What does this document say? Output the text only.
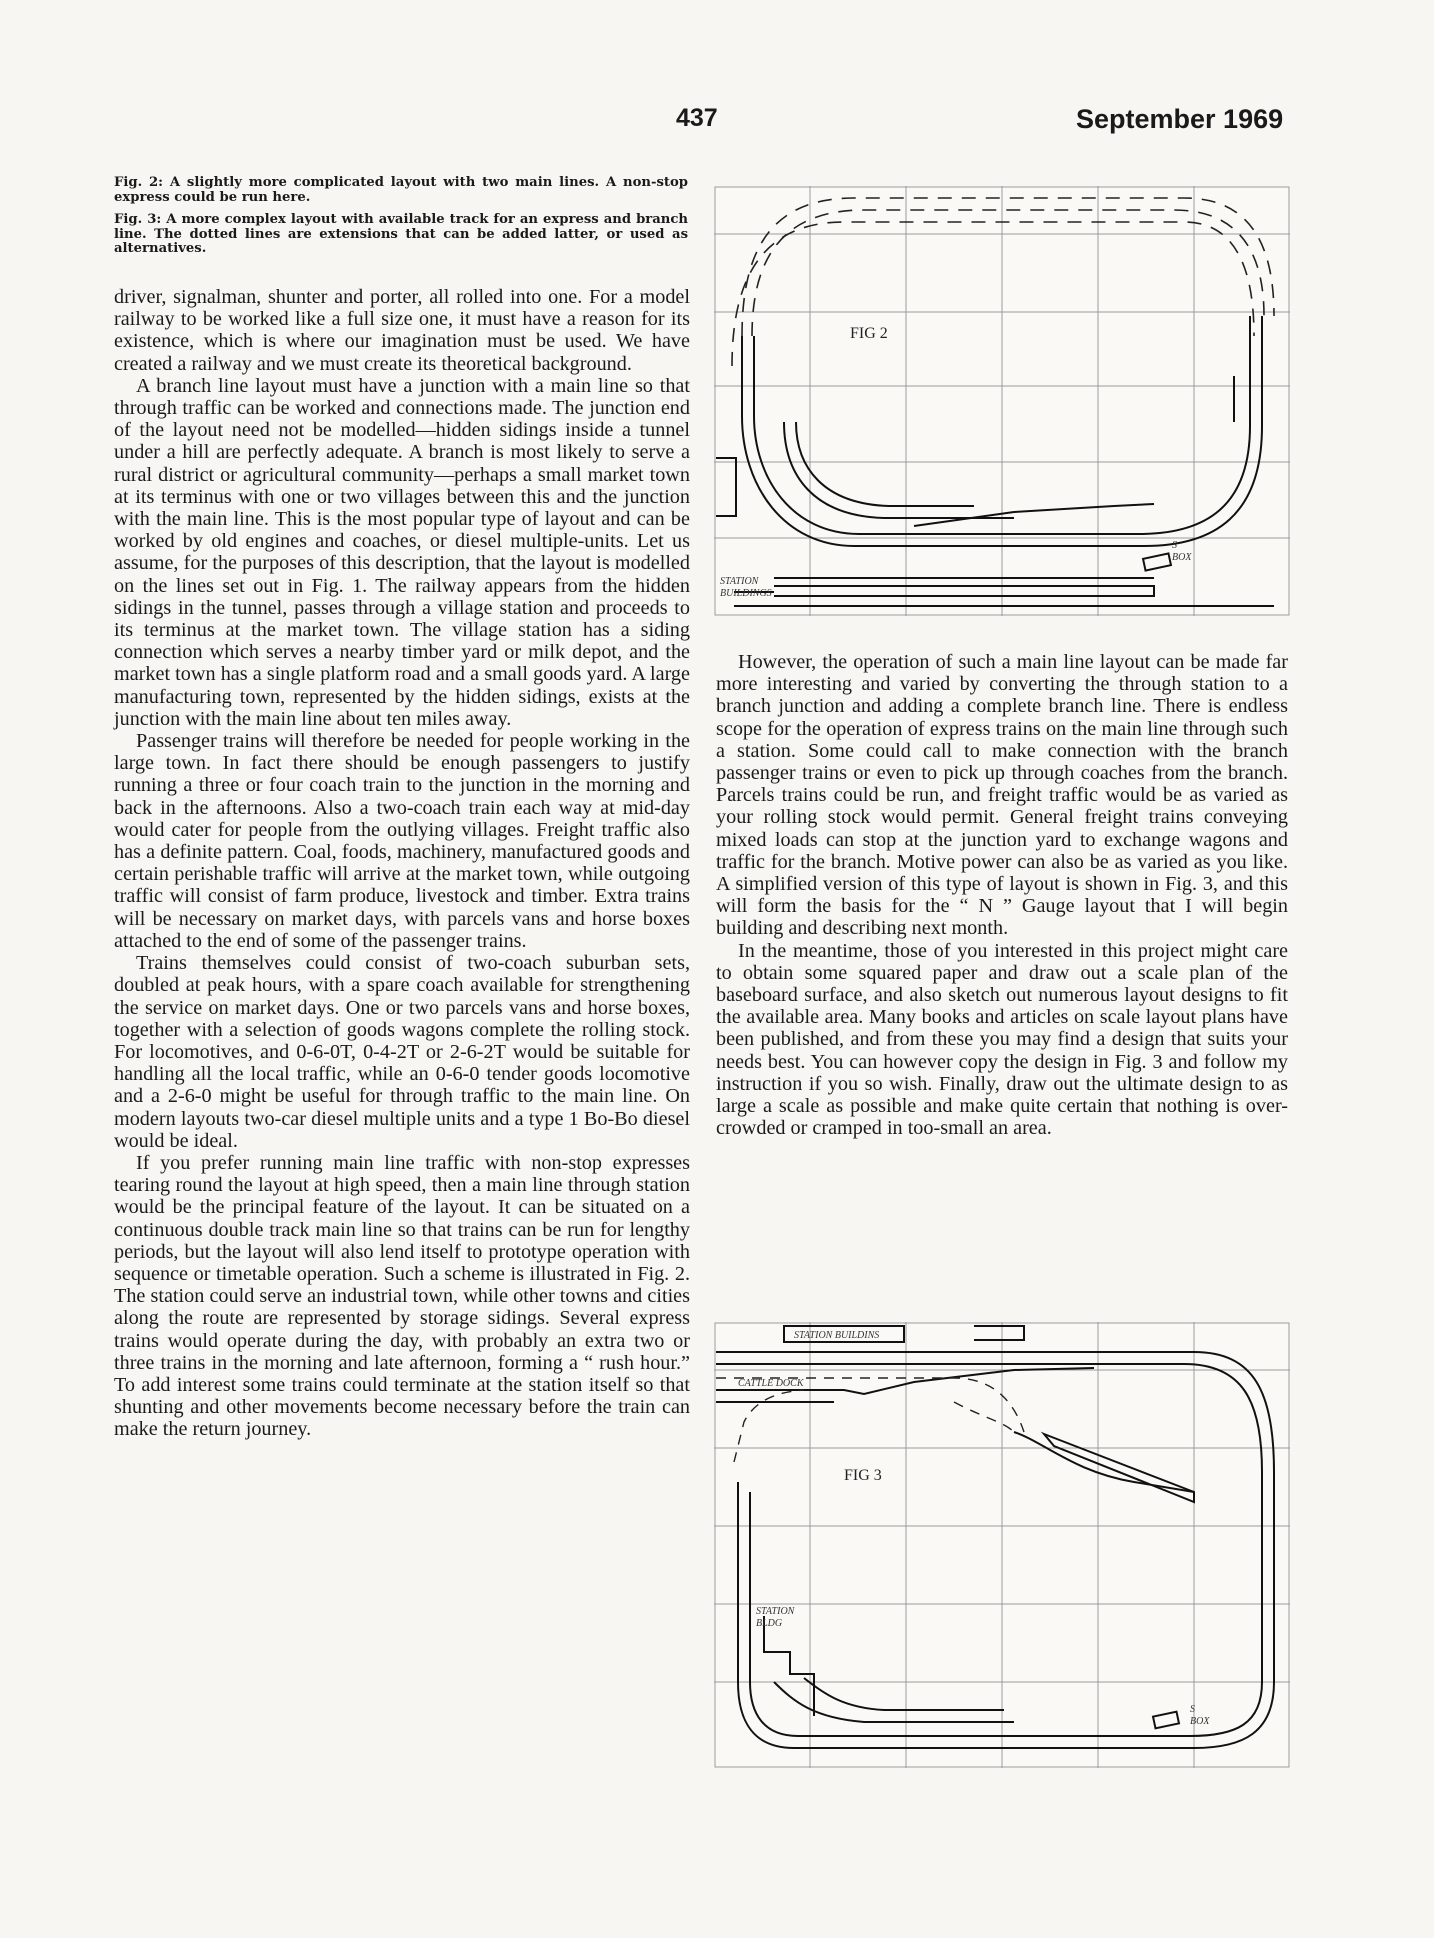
437	September 1969

Fig. 2: A slightly more complicated layout with two main lines. A non-stop express could be run here.

Fig. 3: A more complex layout with available track for an express and branch line. The dotted lines are extensions that can be added latter, or used as alternatives.

driver, signalman, shunter and porter, all rolled into one. For a model railway to be worked like a full size one, it must have a reason for its existence, which is where our imagination must be used. We have created a railway and we must create its theoretical background.

A branch line layout must have a junction with a main line so that through traffic can be worked and connections made. The junction end of the layout need not be modelled—hidden sidings inside a tunnel under a hill are perfectly adequate. A branch is most likely to serve a rural district or agricultural community—perhaps a small market town at its terminus with one or two villages between this and the junction with the main line. This is the most popular type of layout and can be worked by old engines and coaches, or diesel multiple-units. Let us assume, for the purposes of this description, that the layout is modelled on the lines set out in Fig. 1. The railway appears from the hidden sidings in the tunnel, passes through a village station and proceeds to its terminus at the market town. The village station has a siding connection which serves a nearby timber yard or milk depot, and the market town has a single platform road and a small goods yard. A large manufacturing town, represented by the hidden sidings, exists at the junction with the main line about ten miles away.

Passenger trains will therefore be needed for people working in the large town. In fact there should be enough passengers to justify running a three or four coach train to the junction in the morning and back in the afternoons. Also a two-coach train each way at mid-day would cater for people from the outlying villages. Freight traffic also has a definite pattern. Coal, foods, machinery, manufactured goods and certain perishable traffic will arrive at the market town, while outgoing traffic will consist of farm produce, livestock and timber. Extra trains will be necessary on market days, with parcels vans and horse boxes attached to the end of some of the passenger trains.

Trains themselves could consist of two-coach suburban sets, doubled at peak hours, with a spare coach available for strengthening the service on market days. One or two parcels vans and horse boxes, together with a selection of goods wagons complete the rolling stock. For locomotives, and 0-6-0T, 0-4-2T or 2-6-2T would be suitable for handling all the local traffic, while an 0-6-0 tender goods locomotive and a 2-6-0 might be useful for through traffic to the main line. On modern layouts two-car diesel multiple units and a type 1 Bo-Bo diesel would be ideal.

If you prefer running main line traffic with non-stop expresses tearing round the layout at high speed, then a main line through station would be the principal feature of the layout. It can be situated on a continuous double track main line so that trains can be run for lengthy periods, but the layout will also lend itself to prototype operation with sequence or timetable operation. Such a scheme is illustrated in Fig. 2. The station could serve an industrial town, while other towns and cities along the route are represented by storage sidings. Several express trains would operate during the day, with probably an extra two or three trains in the morning and late afternoon, forming a “ rush hour.” To add interest some trains could terminate at the station itself so that shunting and other movements become necessary before the train can make the return journey.

However, the operation of such a main line layout can be made far more interesting and varied by converting the through station to a branch junction and adding a complete branch line. There is endless scope for the operation of express trains on the main line through such a station. Some could call to make connection with the branch passenger trains or even to pick up through coaches from the branch. Parcels trains could be run, and freight traffic would be as varied as your rolling stock would permit. General freight trains conveying mixed loads can stop at the junction yard to exchange wagons and traffic for the branch. Motive power can also be as varied as you like. A simplified version of this type of layout is shown in Fig. 3, and this will form the basis for the “ N ” Gauge layout that I will begin building and describing next month.

In the meantime, those of you interested in this project might care to obtain some squared paper and draw out a scale plan of the baseboard surface, and also sketch out numerous layout designs to fit the available area. Many books and articles on scale layout plans have been published, and from these you may find a design that suits your needs best. You can however copy the design in Fig. 3 and follow my instruction if you so wish. Finally, draw out the ultimate design to as large a scale as possible and make quite certain that nothing is over-crowded or cramped in too-small an area.

FIG 2
STATION
BUILDINGS
S
BOX
STATION BUILDINS
CATTLE DOCK
FIG 3
STATION
BLDG
S
BOX
